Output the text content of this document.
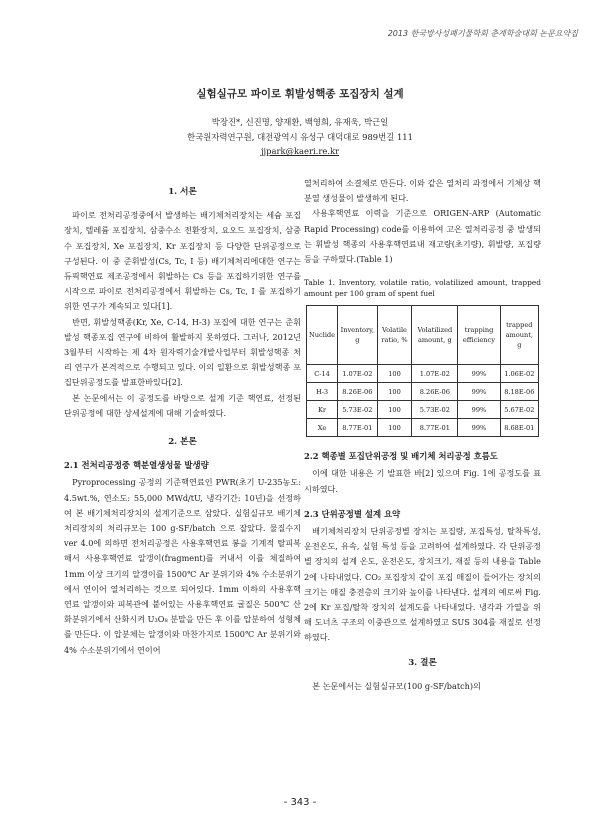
2013 한국방사성폐기물학회 춘계학술대회 논문요약집
실험실규모 파이로 휘발성핵종 포집장치 설계
박장진*, 신진명, 양재환, 백영희, 유재욱, 박근일
한국원자력연구원, 대전광역시 유성구 대덕대로 989번길 111
jjpark@kaeri.re.kr
1. 서론

파이로 전처리공정중에서 발생하는 배기체처리장치는 세슘 포집장치, 텔레륨 포집장치, 삼중수소 전환장치, 요오드 포집장치, 삼중수 포집장치, Xe 포집장치, Kr 포집장치 등 다양한 단위공정으로 구성된다. 이 중 준휘발성(Cs, Tc, I 등) 배기체처리에대한 연구는 듀픽핵연료 제조공정에서 휘발하는 Cs 등을 포집하기위한 연구를 시작으로 파이로 전처리공정에서 휘발하는 Cs, Tc, I 를 포집하기위한 연구가 계속되고 있다[1].

반면, 휘발성핵종(Kr, Xe, C-14, H-3) 포집에 대한 연구는 준휘발성 핵종포집 연구에 비하여 활발하지 못하였다. 그러나, 2012년 3월부터 시작하는 제 4차 원자력기술개발사업부터 휘발성핵종 처리 연구가 본격적으로 수행되고 있다. 이의 일환으로 휘발성핵종 포집단위공정도를 발표한바있다[2].

본 논문에서는 이 공정도를 바탕으로 설계 기준 핵연료, 선정된 단위공정에 대한 상세설계에 대해 기술하였다.

2. 본론
2.1 전처리공정중 핵분열생성물 발생량

Pyroprocessing 공정의 기준핵연료인 PWR(초기 U-235농도: 4.5wt.%, 연소도: 55,000 MWd/tU, 냉각기간: 10년)을 선정하여 본 배기체처리장치의 설계기준으로 삼았다. 실험실규모 배기체처리장치의 처리규모는 100 g-SF/batch 으로 잡았다. 물질수지 ver 4.0에 의하면 전처리공정은 사용후핵연료 봉을 기계적 탈피복해서 사용후핵연료 알갱이(fragment)를 커내서 이를 체질하여 1mm 이상 크기의 알갱이를 1500℃ Ar 분위기와 4% 수소분위기에서 연이어 열처리하는 것으로 되어있다. 1mm 이하의 사용후핵연료 알갱이와 피복관에 붙어있는 사용후핵연료 굴질은 500℃ 산화분위기에서 산화시켜 U₃O₈ 분말을 만든 후 이를 압분하여 성형체를 만든다. 이 압분체는 알갱이와 마찬가지로 1500℃ Ar 분위기와 4% 수소분위기에서 연이어

열처리하여 소결체로 만든다. 이와 같은 열처리 과정에서 기체상 핵분열 생성물이 발생하게 된다.

사용후핵연료 이력을 기준으로 ORIGEN-ARP (Automatic Rapid Processing) code를 이용하여 고온 열처리공정 중 발생되는 휘발성 핵종의 사용후핵연료내 재고량(초기량), 휘발량, 포집량 등을 구하였다.(Table 1)

Table 1. Inventory, volatile ratio, volatilized amount, trapped amount per 100 gram of spent fuel
Nuclide	Inventory, g	Volatile ratio, %	Volatilized amount, g	trapping efficiency	trapped amount, g
C-14	1.07E-02	100	1.07E-02	99%	1.06E-02
H-3	8.26E-06	100	8.26E-06	99%	8.18E-06
Kr	5.73E-02	100	5.73E-02	99%	5.67E-02
Xe	8.77E-01	100	8.77E-01	99%	8.68E-01
2.2 핵종별 포집단위공정 및 배기체 처리공정 흐름도

이에 대한 내용은 기 발표한 바[2] 있으며 Fig. 1에 공정도를 표시하였다.

2.3 단위공정별 설계 요약

배기체처리장치 단위공정별 장치는 포집량, 포집특성, 탈착특성, 운전온도, 유속, 실험 특성 등을 고려하여 설계하였다. 각 단위공정별 장치의 설계 온도, 운전온도, 장치크기, 재질 등의 내용을 Table 2에 나타내었다. CO₂ 포집장치 같이 포집 매질이 들어가는 장치의 크기는 매질 충전층의 크기와 높이를 나타낸다. 설계의 예로써 Fig. 2에 Kr 포집/탈착 장치의 설계도를 나타내었다. 냉각과 가열을 위해 도너츠 구조의 이중관으로 설계하였고 SUS 304를 재질로 선정하였다.

3. 결론

본 논문에서는 실험실규모(100 g-SF/batch)의

- 343 -
